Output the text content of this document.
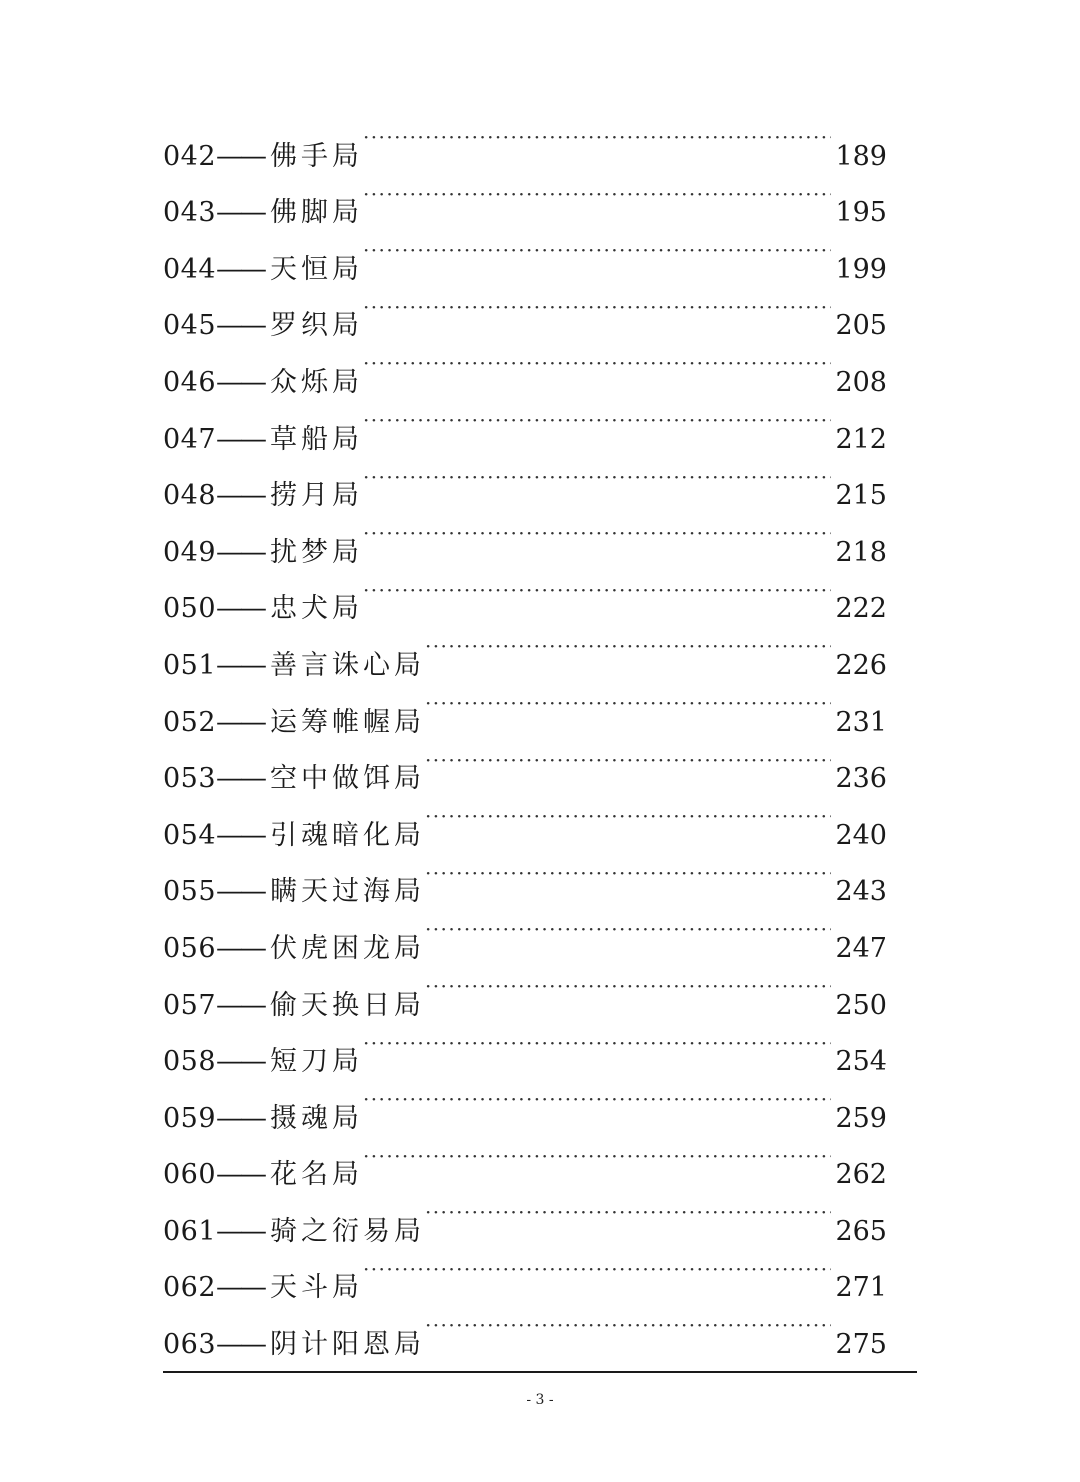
042 —— 佛手局 ·····	189
043 —— 佛脚局 ·····	195
044 —— 天恒局 ·····	199
045 —— 罗织局 ·····	205
046 —— 众烁局 ·····	208
047 —— 草船局 ·····	212
048 —— 捞月局 ·····	215
049 —— 扰梦局 ·····	218
050 —— 忠犬局 ·····	222
051 —— 善言诛心局 ·····	226
052 —— 运筹帷幄局 ·····	231
053 —— 空中做饵局 ·····	236
054 —— 引魂暗化局 ·····	240
055 —— 瞒天过海局 ·····	243
056 —— 伏虎困龙局 ·····	247
057 —— 偷天换日局 ·····	250
058 —— 短刀局 ·····	254
059 —— 摄魂局 ·····	259
060 —— 花名局 ·····	262
061 —— 骑之衍易局 ·····	265
062 —— 天斗局 ·····	271
063 —— 阴计阳恩局 ·····	275
- 3 -
